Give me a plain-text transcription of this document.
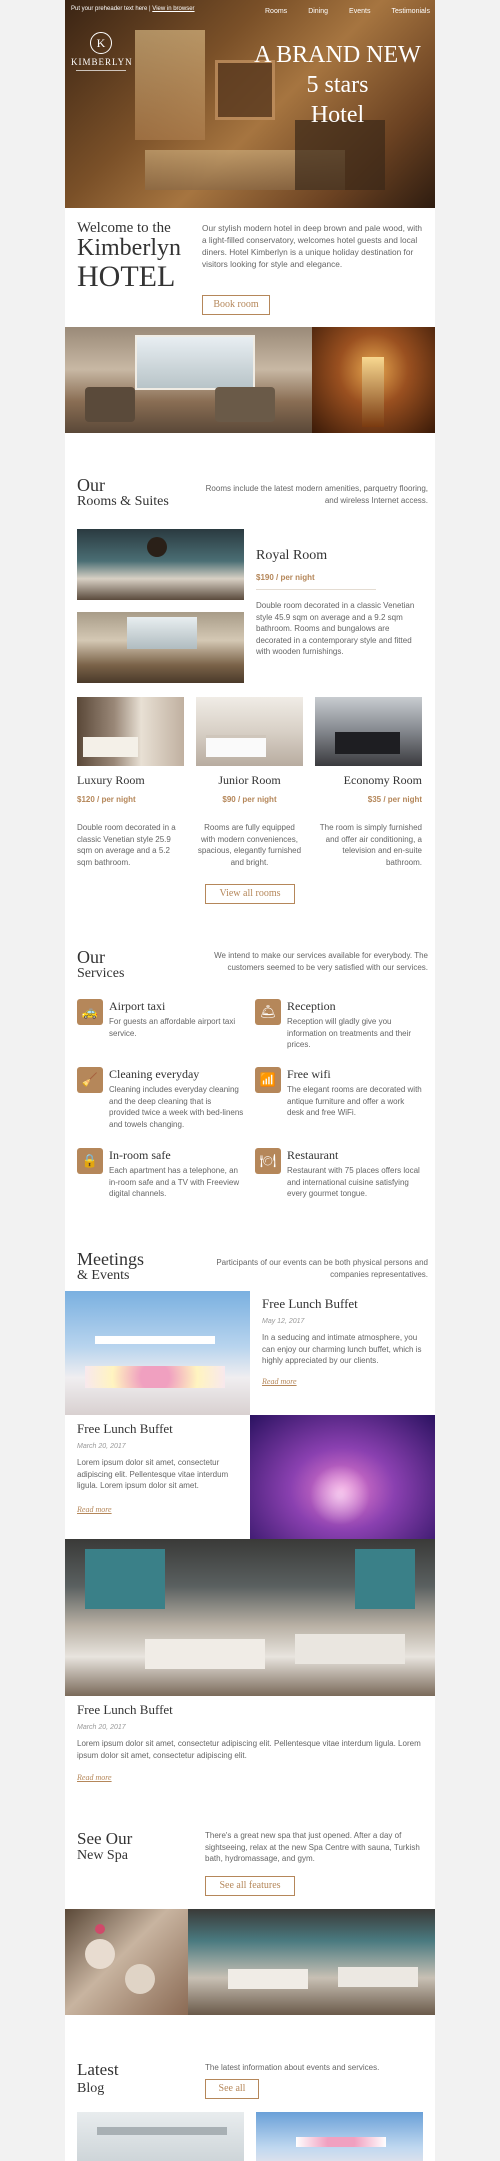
Put your preheader text here | View in browser	Rooms	Dining	Events	Testimonials
K
KIMBERLYN	A BRAND NEW
5 stars
Hotel
Welcome to the
Kimberlyn
HOTEL
Our stylish modern hotel in deep brown and pale wood, with a light-filled conservatory, welcomes hotel guests and local diners. Hotel Kimberlyn is a unique holiday destination for visitors looking for style and elegance.
Book room
Our
Rooms & Suites
Rooms include the latest modern amenities, parquetry flooring, and wireless Internet access.
Royal Room
$190 / per night
Double room decorated in a classic Venetian style 45.9 sqm on average and a 9.2 sqm bathroom. Rooms and bungalows are decorated in a contemporary style and fitted with wooden furnishings.
Luxury Room	Junior Room	Economy Room
$120 / per night	$90 / per night	$35 / per night
Double room decorated in a classic Venetian style 25.9 sqm on average and a 5.2 sqm bathroom.
Rooms are fully equipped with modern conveniences, spacious, elegantly furnished and bright.
The room is simply furnished and offer air conditioning, a television and en-suite bathroom.
View all rooms
Our
Services
We intend to make our services available for everybody. The customers seemed to be very satisfied with our services.
🚕 Airport taxi
For guests an affordable airport taxi service.
🛎 Reception
Reception will gladly give you information on treatments and their prices.
🧹 Cleaning everyday
Cleaning includes everyday cleaning and the deep cleaning that is provided twice a week with bed-linens and towels changing.
📶 Free wifi
The elegant rooms are decorated with antique furniture and offer a work desk and free WiFi.
🔒 In-room safe
Each apartment has a telephone, an in-room safe and a TV with Freeview digital channels.
🍽 Restaurant
Restaurant with 75 places offers local and international cuisine satisfying every gourmet tongue.
Meetings
& Events
Participants of our events can be both physical persons and companies representatives.
Free Lunch Buffet
May 12, 2017
In a seducing and intimate atmosphere, you can enjoy our charming lunch buffet, which is highly appreciated by our clients.
Read more
Free Lunch Buffet
March 20, 2017
Lorem ipsum dolor sit amet, consectetur adipiscing elit. Pellentesque vitae interdum ligula. Lorem ipsum dolor sit amet.
Read more
Free Lunch Buffet
March 20, 2017
Lorem ipsum dolor sit amet, consectetur adipiscing elit. Pellentesque vitae interdum ligula. Lorem ipsum dolor sit amet, consectetur adipiscing elit.
Read more
See Our
New Spa
There's a great new spa that just opened. After a day of sightseeing, relax at the new Spa Centre with sauna, Turkish bath, hydromassage, and gym.
See all features
Latest
Blog
The latest information about events and services.
See all
